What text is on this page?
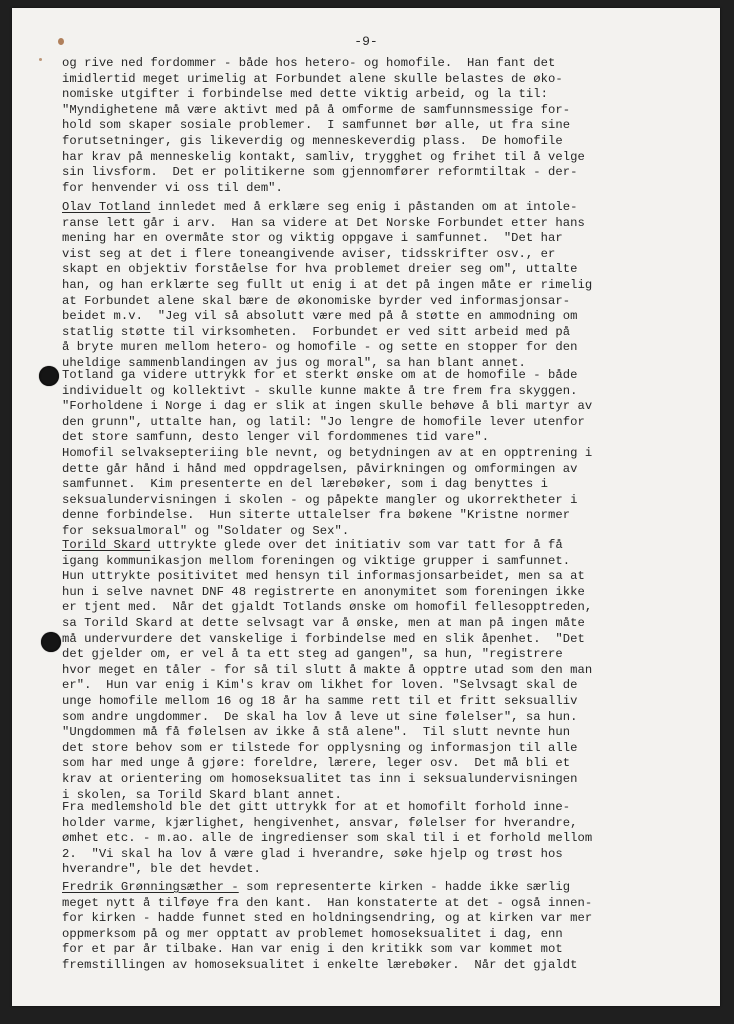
-9-
og rive ned fordommer - både hos hetero- og homofile.  Han fant det
imidlertid meget urimelig at Forbundet alene skulle belastes de øko-
nomiske utgifter i forbindelse med dette viktig arbeid, og la til:
"Myndighetene må være aktivt med på å omforme de samfunnsmessige for-
hold som skaper sosiale problemer.  I samfunnet bør alle, ut fra sine
forutsetninger, gis likeverdig og menneskeverdig plass.  De homofile
har krav på menneskelig kontakt, samliv, trygghet og frihet til å velge
sin livsform.  Det er politikerne som gjennomfører reformtiltak - der-
for henvender vi oss til dem".
Olav Totland innledet med å erklære seg enig i påstanden om at intole-
ranse lett går i arv.  Han sa videre at Det Norske Forbundet etter hans
mening har en overmåte stor og viktig oppgave i samfunnet.  "Det har
vist seg at det i flere toneangivende aviser, tidsskrifter osv., er
skapt en objektiv forståelse for hva problemet dreier seg om", uttalte
han, og han erklærte seg fullt ut enig i at det på ingen måte er rimelig
at Forbundet alene skal bære de økonomiske byrder ved informasjonsar-
beidet m.v.  "Jeg vil så absolutt være med på å støtte en ammodning om
statlig støtte til virksomheten.  Forbundet er ved sitt arbeid med på
å bryte muren mellom hetero- og homofile - og sette en stopper for den
uheldige sammenblandingen av jus og moral", sa han blant annet.
Totland ga videre uttrykk for et sterkt ønske om at de homofile - både
individuelt og kollektivt - skulle kunne makte å tre frem fra skyggen.
"Forholdene i Norge i dag er slik at ingen skulle behøve å bli martyr av
den grunn", uttalte han, og latil: "Jo lengre de homofile lever utenfor
det store samfunn, desto lenger vil fordommenes tid vare".
Homofil selvaksepteriing ble nevnt, og betydningen av at en opptrening i
dette går hånd i hånd med oppdragelsen, påvirkningen og omformingen av
samfunnet.  Kim presenterte en del lærebøker, som i dag benyttes i
seksualundervisningen i skolen - og påpekte mangler og ukorrektheter i
denne forbindelse.  Hun siterte uttalelser fra bøkene "Kristne normer
for seksualmoral" og "Soldater og Sex".
Torild Skard uttrykte glede over det initiativ som var tatt for å få
igang kommunikasjon mellom foreningen og viktige grupper i samfunnet.
Hun uttrykte positivitet med hensyn til informasjonsarbeidet, men sa at
hun i selve navnet DNF 48 registrerte en anonymitet som foreningen ikke
er tjent med.  Når det gjaldt Totlands ønske om homofil fellesopptreden,
sa Torild Skard at dette selvsagt var å ønske, men at man på ingen måte
må undervurdere det vanskelige i forbindelse med en slik åpenhet.  "Det
det gjelder om, er vel å ta ett steg ad gangen", sa hun, "registrere
hvor meget en tåler - for så til slutt å makte å opptre utad som den man
er".  Hun var enig i Kim's krav om likhet for loven. "Selvsagt skal de
unge homofile mellom 16 og 18 år ha samme rett til et fritt seksualliv
som andre ungdommer.  De skal ha lov å leve ut sine følelser", sa hun.
"Ungdommen må få følelsen av ikke å stå alene".  Til slutt nevnte hun
det store behov som er tilstede for opplysning og informasjon til alle
som har med unge å gjøre: foreldre, lærere, leger osv.  Det må bli et
krav at orientering om homoseksualitet tas inn i seksualundervisningen
i skolen, sa Torild Skard blant annet.
Fra medlemshold ble det gitt uttrykk for at et homofilt forhold inne-
holder varme, kjærlighet, hengivenhet, ansvar, følelser for hverandre,
ømhet etc. - m.ao. alle de ingredienser som skal til i et forhold mellom
2.  "Vi skal ha lov å være glad i hverandre, søke hjelp og trøst hos
hverandre", ble det hevdet.
Fredrik Grønningsæther - som representerte kirken - hadde ikke særlig
meget nytt å tilføye fra den kant.  Han konstaterte at det - også innen-
for kirken - hadde funnet sted en holdningsendring, og at kirken var mer
oppmerksom på og mer opptatt av problemet homoseksualitet i dag, enn
for et par år tilbake. Han var enig i den kritikk som var kommet mot
fremstillingen av homoseksualitet i enkelte lærebøker.  Når det gjaldt
